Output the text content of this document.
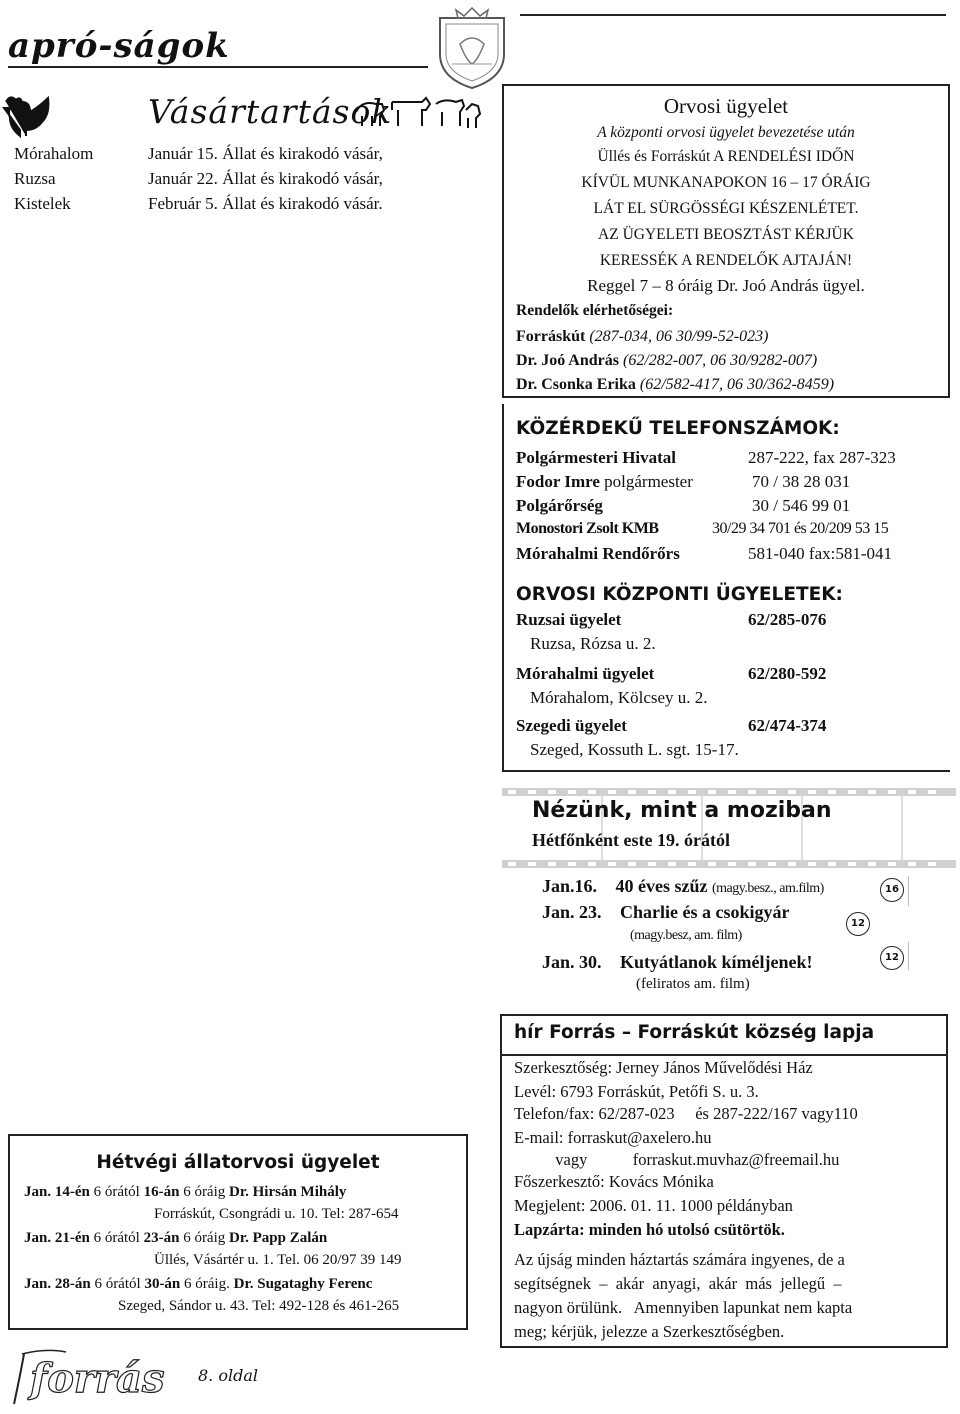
apró-ságok
Vásártartások
Mórahalom	Január 15. Állat és kirakodó vásár,
Ruzsa	Január 22. Állat és kirakodó vásár,
Kistelek	Február 5. Állat és kirakodó vásár.
Orvosi ügyelet
A központi orvosi ügyelet bevezetése után
Üllés és Forráskút A RENDELÉSI IDŐN
KÍVÜL MUNKANAPOKON 16 – 17 ÓRÁIG
LÁT EL SÜRGÖSSÉGI KÉSZENLÉTET.
AZ ÜGYELETI BEOSZTÁST KÉRJÜK
KERESSÉK A RENDELŐK AJTAJÁN!
Reggel 7 – 8 óráig Dr. Joó András ügyel.
Rendelők elérhetőségei:
Forráskút (287-034, 06 30/99-52-023)
Dr. Joó András (62/282-007, 06 30/9282-007)
Dr. Csonka Erika (62/582-417, 06 30/362-8459)
KÖZÉRDEKŰ TELEFONSZÁMOK:
Polgármesteri Hivatal	287-222, fax 287-323
Fodor Imre polgármester	70 / 38 28 031
Polgárőrség	30 / 546 99 01
Monostori Zsolt KMB	30/29 34 701 és 20/209 53 15
Mórahalmi Rendőrőrs	581-040 fax:581-041
ORVOSI KÖZPONTI ÜGYELETEK:
Ruzsai ügyelet	62/285-076
Ruzsa, Rózsa u. 2.
Mórahalmi ügyelet	62/280-592
Mórahalom, Kölcsey u. 2.
Szegedi ügyelet	62/474-374
Szeged, Kossuth L. sgt. 15-17.
Nézünk, mint a moziban
Hétfőnként este 19. órától
Jan.16. 40 éves szűz (magy.besz., am.film)	16
Jan. 23. Charlie és a csokigyár
(magy.besz, am. film)
12
Jan. 30. Kutyátlanok kíméljenek!
(feliratos am. film)
12
hír Forrás – Forráskút község lapja
Szerkesztőség: Jerney János Művelődési Ház
Levél: 6793 Forráskút, Petőfi S. u. 3.
Telefon/fax: 62/287-023     és 287-222/167 vagy110
E-mail: forraskut@axelero.hu
vagy           forraskut.muvhaz@freemail.hu
Főszerkesztő: Kovács Mónika
Megjelent: 2006. 01. 11. 1000 példányban
Lapzárta: minden hó utolsó csütörtök.
Az újság minden háztartás számára ingyenes, de a
segítségnek  –  akár  anyagi,  akár  más  jellegű  –
nagyon örülünk.   Amennyiben lapunkat nem kapta
meg; kérjük, jelezze a Szerkesztőségben.
Hétvégi állatorvosi ügyelet
Jan. 14-én 6 órától 16-án 6 óráig Dr. Hirsán Mihály
Forráskút, Csongrádi u. 10. Tel: 287-654
Jan. 21-én 6 órától 23-án 6 óráig Dr. Papp Zalán
Üllés, Vásártér u. 1. Tel. 06 20/97 39 149
Jan. 28-án 6 órától 30-án 6 óráig. Dr. Sugataghy Ferenc
Szeged, Sándor u. 43. Tel: 492-128 és 461-265
forrás 8. oldal
